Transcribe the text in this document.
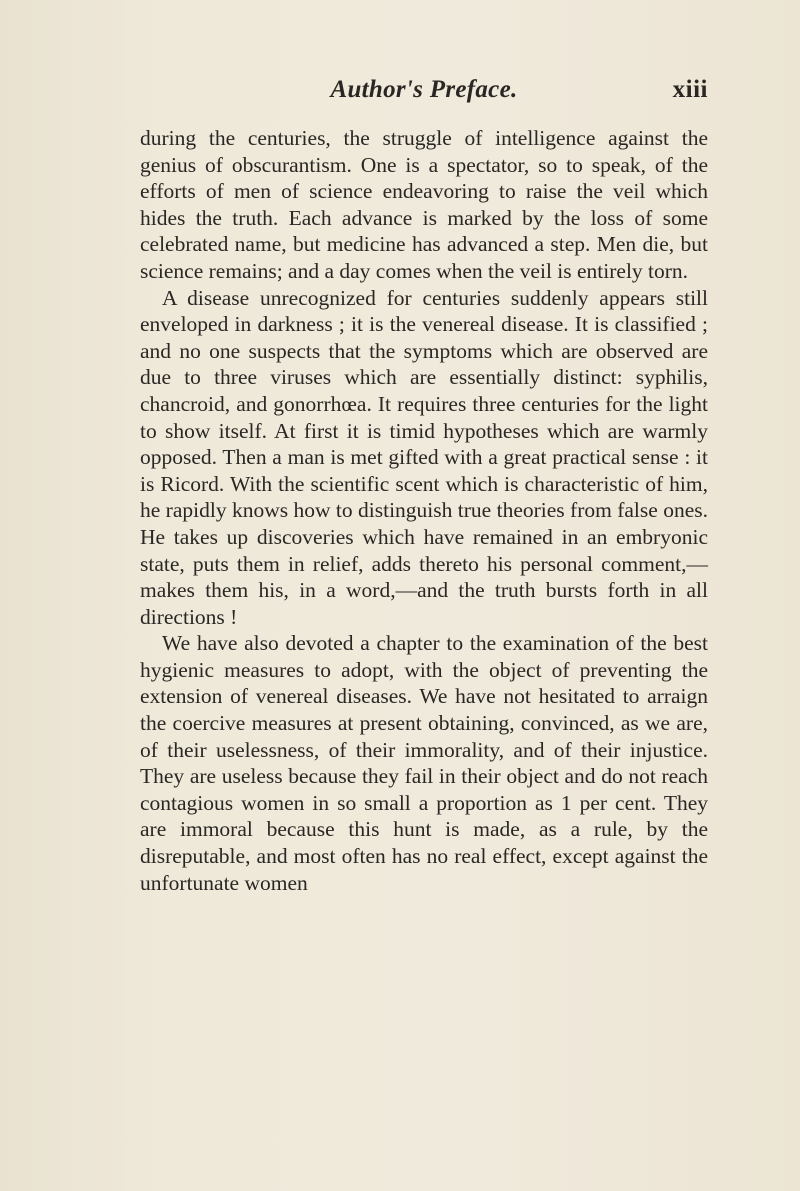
Author's Preface.	xiii

during the centuries, the struggle of intelligence against the genius of obscurantism. One is a spectator, so to speak, of the efforts of men of science endeavoring to raise the veil which hides the truth. Each advance is marked by the loss of some celebrated name, but medicine has advanced a step. Men die, but science remains; and a day comes when the veil is entirely torn.

A disease unrecognized for centuries suddenly appears still enveloped in darkness ; it is the venereal disease. It is classified ; and no one suspects that the symptoms which are observed are due to three viruses which are essentially distinct: syphilis, chancroid, and gonorrhœa. It requires three centuries for the light to show itself. At first it is timid hypotheses which are warmly opposed. Then a man is met gifted with a great practical sense : it is Ricord. With the scientific scent which is characteristic of him, he rapidly knows how to distinguish true theories from false ones. He takes up discoveries which have remained in an embryonic state, puts them in relief, adds thereto his personal comment,—makes them his, in a word,—and the truth bursts forth in all directions !

We have also devoted a chapter to the examination of the best hygienic measures to adopt, with the object of preventing the extension of venereal diseases. We have not hesitated to arraign the coercive measures at present obtaining, convinced, as we are, of their uselessness, of their immorality, and of their injustice. They are useless because they fail in their object and do not reach contagious women in so small a proportion as 1 per cent. They are immoral because this hunt is made, as a rule, by the disreputable, and most often has no real effect, except against the unfortunate women
